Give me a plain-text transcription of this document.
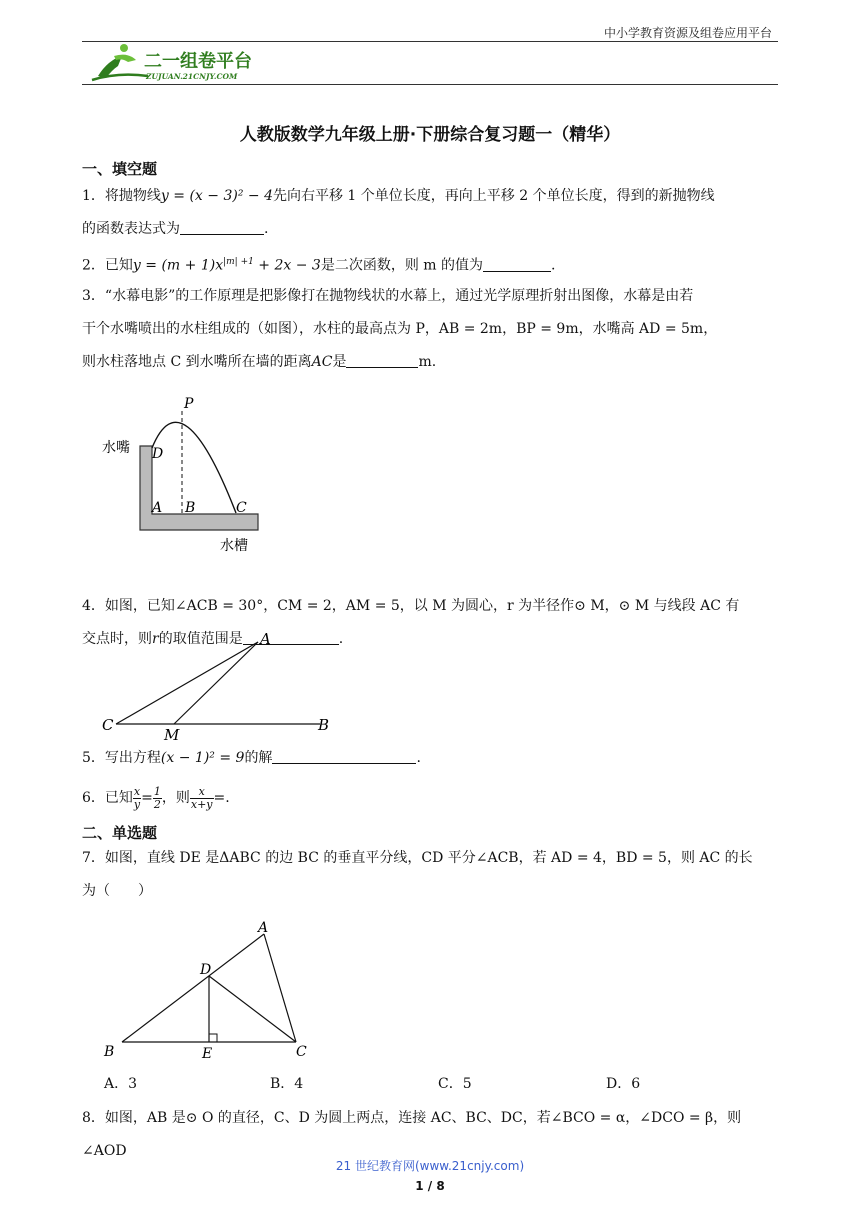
中小学教育资源及组卷应用平台
二一组卷平台
ZUJUAN.21CNJY.COM
人教版数学九年级上册·下册综合复习题一（精华）
一、填空题
1．将抛物线y = (x − 3)² − 4先向右平移 1 个单位长度，再向上平移 2 个单位长度，得到的新抛物线
的函数表达式为	.
2．已知$y = (m + 1)x^{|m| +1} + 2x - 3$是二次函数，则 m 的值为	.
3．“水幕电影”的工作原理是把影像打在抛物线状的水幕上，通过光学原理折射出图像，水幕是由若
干个水嘴喷出的水柱组成的（如图），水柱的最高点为 P，AB = 2m，BP = 9m，水嘴高 AD = 5m，
则水柱落地点 C 到水嘴所在墙的距离AC是	m.
P
D
A B	C
水嘴
水槽
4．如图，已知∠ACB = 30°，CM = 2，AM = 5，以 M 为圆心，r 为半径作⊙ M，⊙ M 与线段 AC 有
交点时，则r的取值范围是	.
A
C
M
B
5．写出方程(x − 1)² = 9的解	.
6．已知 $\frac{x}{y} = \frac{1}{2}$ ，则 $\frac{x}{x+y}$ =.
二、单选题
7．如图，直线 DE 是ΔABC 的边 BC 的垂直平分线，CD 平分∠ACB，若 AD = 4，BD = 5，则 AC 的长
为（　　）
A
D
B	E	C
A．3	B．4	C．5	D．6
8．如图，AB 是⊙ O 的直径，C、D 为圆上两点，连接 AC、BC、DC，若∠BCO = α，∠DCO = β，则∠AOD
21 世纪教育网(www.21cnjy.com)
1 / 8
